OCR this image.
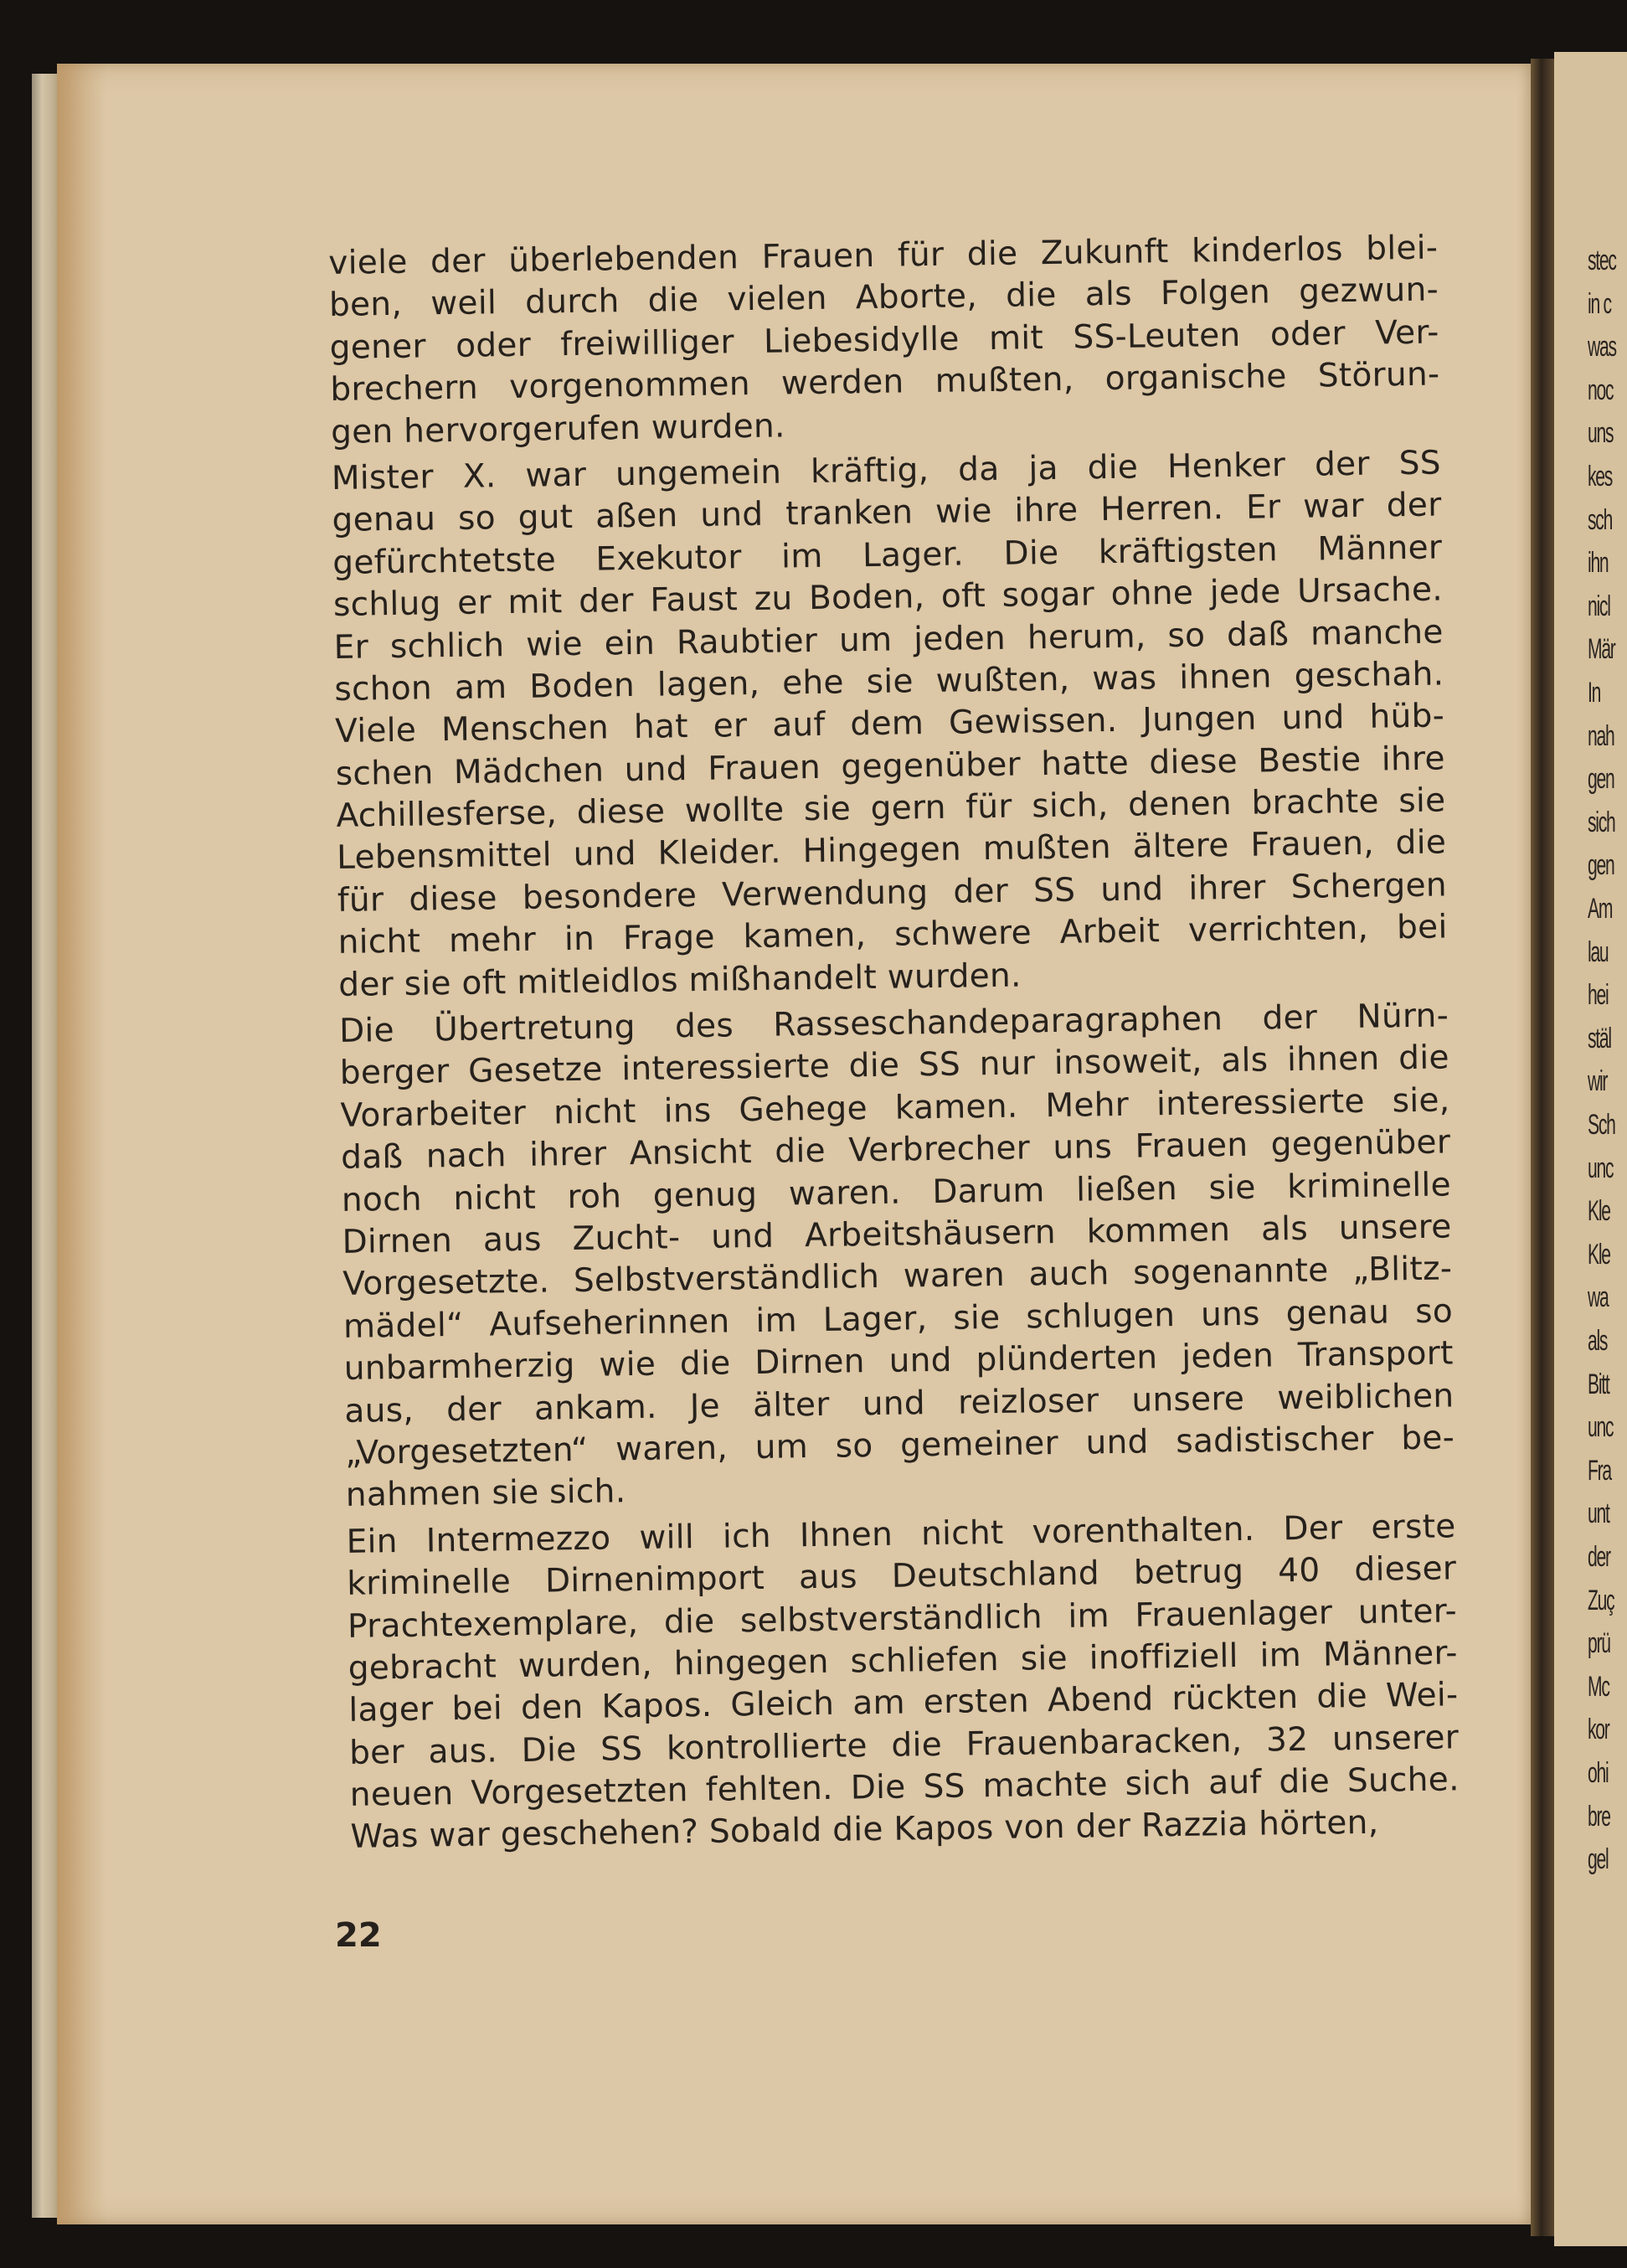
viele der überlebenden Frauen für die Zukunft kinderlos blei-
ben, weil durch die vielen Aborte, die als Folgen gezwun-
gener oder freiwilliger Liebesidylle mit SS-Leuten oder Ver-
brechern vorgenommen werden mußten, organische Störun-
gen hervorgerufen wurden.
Mister X. war ungemein kräftig, da ja die Henker der SS
genau so gut aßen und tranken wie ihre Herren. Er war der
gefürchtetste Exekutor im Lager. Die kräftigsten Männer
schlug er mit der Faust zu Boden, oft sogar ohne jede Ursache.
Er schlich wie ein Raubtier um jeden herum, so daß manche
schon am Boden lagen, ehe sie wußten, was ihnen geschah.
Viele Menschen hat er auf dem Gewissen. Jungen und hüb-
schen Mädchen und Frauen gegenüber hatte diese Bestie ihre
Achillesferse, diese wollte sie gern für sich, denen brachte sie
Lebensmittel und Kleider. Hingegen mußten ältere Frauen, die
für diese besondere Verwendung der SS und ihrer Schergen
nicht mehr in Frage kamen, schwere Arbeit verrichten, bei
der sie oft mitleidlos mißhandelt wurden.
Die Übertretung des Rasseschandeparagraphen der Nürn-
berger Gesetze interessierte die SS nur insoweit, als ihnen die
Vorarbeiter nicht ins Gehege kamen. Mehr interessierte sie,
daß nach ihrer Ansicht die Verbrecher uns Frauen gegenüber
noch nicht roh genug waren. Darum ließen sie kriminelle
Dirnen aus Zucht- und Arbeitshäusern kommen als unsere
Vorgesetzte. Selbstverständlich waren auch sogenannte „Blitz-
mädel“ Aufseherinnen im Lager, sie schlugen uns genau so
unbarmherzig wie die Dirnen und plünderten jeden Transport
aus, der ankam. Je älter und reizloser unsere weiblichen
„Vorgesetzten“ waren, um so gemeiner und sadistischer be-
nahmen sie sich.
Ein Intermezzo will ich Ihnen nicht vorenthalten. Der erste
kriminelle Dirnenimport aus Deutschland betrug 40 dieser
Prachtexemplare, die selbstverständlich im Frauenlager unter-
gebracht wurden, hingegen schliefen sie inoffiziell im Männer-
lager bei den Kapos. Gleich am ersten Abend rückten die Wei-
ber aus. Die SS kontrollierte die Frauenbaracken, 32 unserer
neuen Vorgesetzten fehlten. Die SS machte sich auf die Suche.
Was war geschehen? Sobald die Kapos von der Razzia hörten,
22
stec
in c
was
noc
uns
kes
sch
ihn
nicl
Mär
In
nah
gen
sich
gen
Am
lau
hei
stäl
wir
Sch
unc
Kle
Kle
wa
als
Bitt
unc
Fra
unt
der
Zuç
prü
Mc
kor
ohi
bre
gel
